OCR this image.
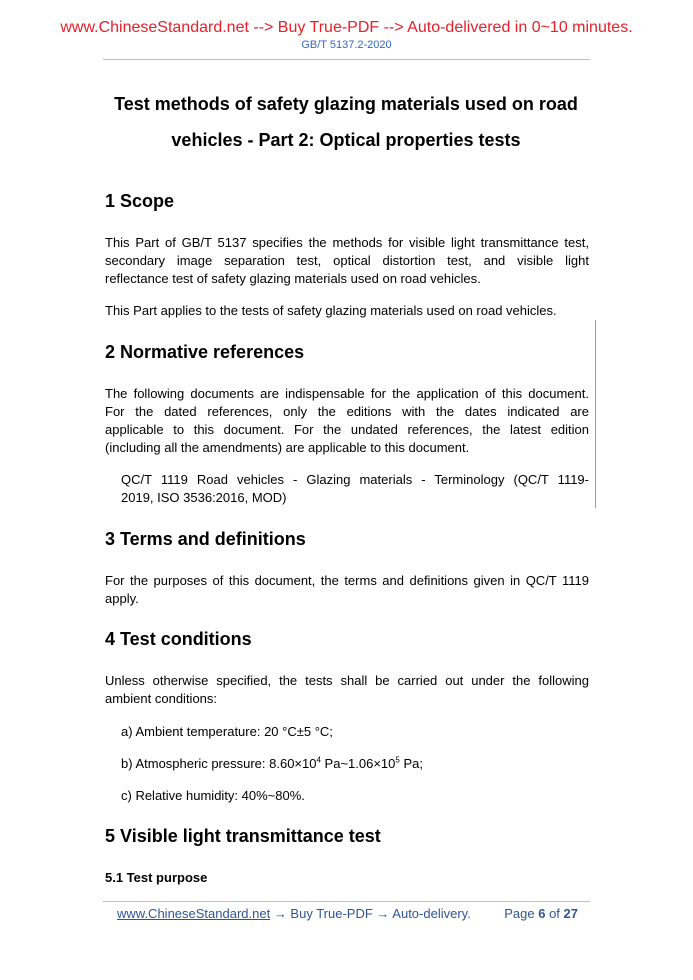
www.ChineseStandard.net --> Buy True-PDF --> Auto-delivered in 0~10 minutes.
GB/T 5137.2-2020
Test methods of safety glazing materials used on road
vehicles - Part 2: Optical properties tests
1 Scope
This Part of GB/T 5137 specifies the methods for visible light transmittance test,
secondary image separation test, optical distortion test, and visible light
reflectance test of safety glazing materials used on road vehicles.
This Part applies to the tests of safety glazing materials used on road vehicles.
2 Normative references
The following documents are indispensable for the application of this document.
For the dated references, only the editions with the dates indicated are
applicable to this document. For the undated references, the latest edition
(including all the amendments) are applicable to this document.
QC/T 1119 Road vehicles - Glazing materials - Terminology (QC/T 1119-
2019, ISO 3536:2016, MOD)
3 Terms and definitions
For the purposes of this document, the terms and definitions given in QC/T 1119
apply.
4 Test conditions
Unless otherwise specified, the tests shall be carried out under the following
ambient conditions:

a) Ambient temperature: 20 °C±5 °C;

b) Atmospheric pressure: $8.60\times 10^4$ $Pa\sim 1.06\times 10^5$ Pa;

c) Relative humidity: 40%~80%.

5 Visible light transmittance test
5.1 Test purpose
www.ChineseStandard.net → Buy True-PDF → Auto-delivery.	Page 6 of 27
